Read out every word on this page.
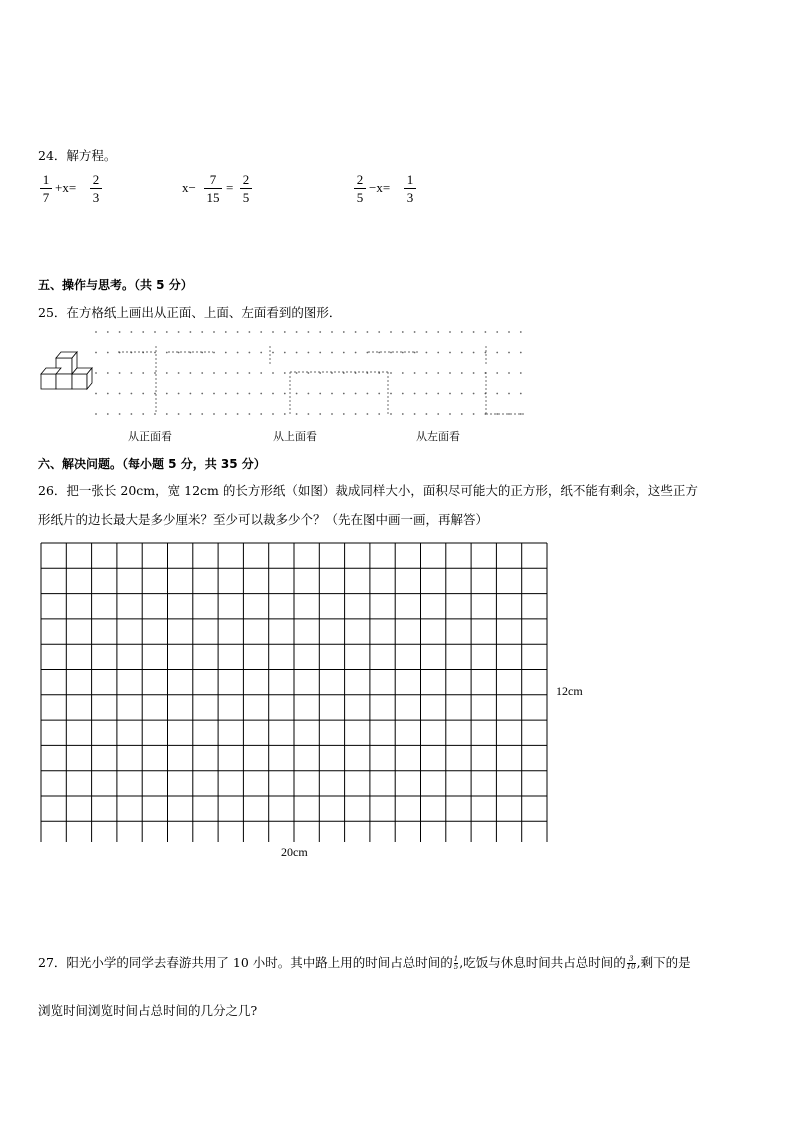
24．解方程。
1
7
+x=
2
3
x−
7
15
=
2
5
2
5
−x=
1
3
五、操作与思考。（共 5 分）
25．在方格纸上画出从正面、上面、左面看到的图形．
从正面看	从上面看	从左面看
六、解决问题。（每小题 5 分，共 35 分）
26．把一张长 20cm，宽 12cm 的长方形纸（如图）裁成同样大小，面积尽可能大的正方形，纸不能有剩余，这些正方
形纸片的边长最大是多少厘米？至少可以裁多少个？（先在图中画一画，再解答）
12cm
20cm
27．阳光小学的同学去春游共用了 10 小时。其中路上用的时间占总时间的$\frac{1}{5}$,吃饭与休息时间共占总时间的$\frac{3}{10}$,剩下的是
浏览时间浏览时间占总时间的几分之几?
